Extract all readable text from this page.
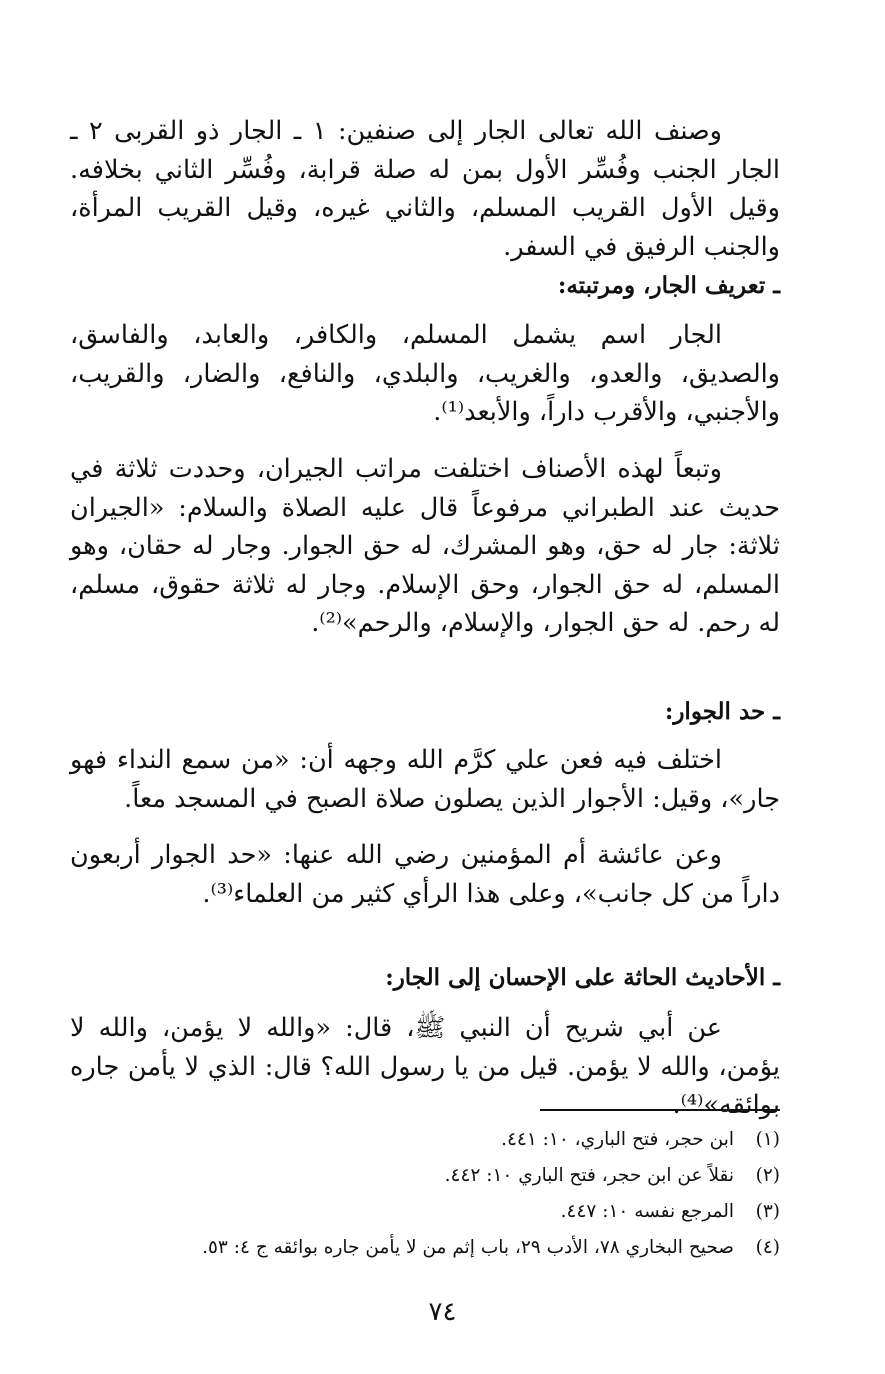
وصنف الله تعالى الجار إلى صنفين: ١ ـ الجار ذو القربى ٢ ـ الجار الجنب وفُسِّر الأول بمن له صلة قرابة، وفُسِّر الثاني بخلافه. وقيل الأول القريب المسلم، والثاني غيره، وقيل القريب المرأة، والجنب الرفيق في السفر.
ـ تعريف الجار، ومرتبته:
الجار اسم يشمل المسلم، والكافر، والعابد، والفاسق، والصديق، والعدو، والغريب، والبلدي، والنافع، والضار، والقريب، والأجنبي، والأقرب داراً، والأبعد⁽¹⁾.
وتبعاً لهذه الأصناف اختلفت مراتب الجيران، وحددت ثلاثة في حديث عند الطبراني مرفوعاً قال عليه الصلاة والسلام: «الجيران ثلاثة: جار له حق، وهو المشرك، له حق الجوار. وجار له حقان، وهو المسلم، له حق الجوار، وحق الإسلام. وجار له ثلاثة حقوق، مسلم، له رحم. له حق الجوار، والإسلام، والرحم»⁽²⁾.
ـ حد الجوار:
اختلف فيه فعن علي كرَّم الله وجهه أن: «من سمع النداء فهو جار»، وقيل: الأجوار الذين يصلون صلاة الصبح في المسجد معاً.
وعن عائشة أم المؤمنين رضي الله عنها: «حد الجوار أربعون داراً من كل جانب»، وعلى هذا الرأي كثير من العلماء⁽³⁾.
ـ الأحاديث الحاثة على الإحسان إلى الجار:
عن أبي شريح أن النبي ﷺ، قال: «والله لا يؤمن، والله لا يؤمن، والله لا يؤمن. قيل من يا رسول الله؟ قال: الذي لا يأمن جاره بوائقه»⁽⁴⁾.
(١)ابن حجر، فتح الباري، ١٠: ٤٤١.
(٢)نقلاً عن ابن حجر، فتح الباري ١٠: ٤٤٢.
(٣)المرجع نفسه ١٠: ٤٤٧.
(٤)صحيح البخاري ٧٨، الأدب ٢٩، باب إثم من لا يأمن جاره بوائقه ج ٤: ٥٣.
٧٤
